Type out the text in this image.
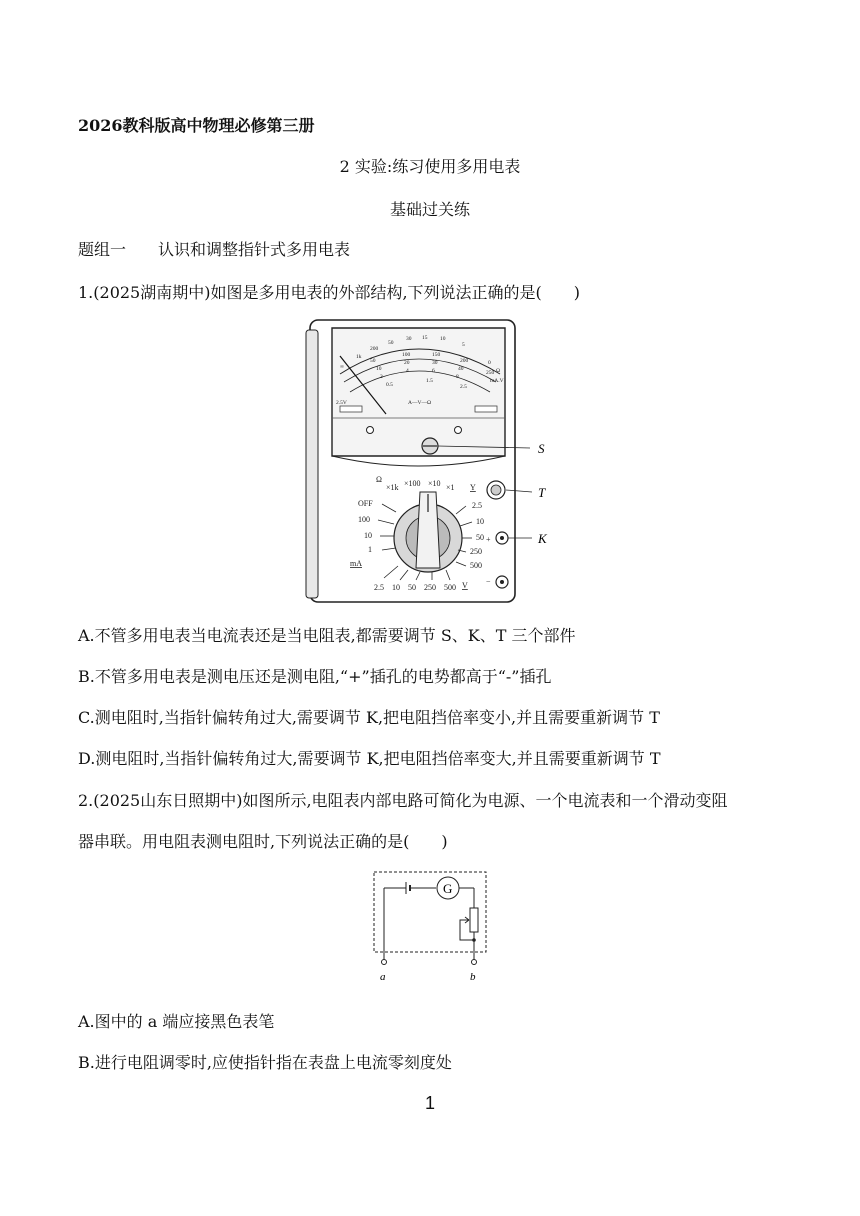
2026教科版高中物理必修第三册
2 实验:练习使用多用电表
基础过关练
题组一　　认识和调整指针式多用电表
1.(2025湖南期中)如图是多用电表的外部结构,下列说法正确的是(　　)
∞
1k
200
50
30 15 10
5
0
Ω
50
100	150
200
250
10
20	30
40
2
4	6
8
0.5
1.5
2.5
mA.V
2.5V	A—V—Ω
S
Ω
×1k ×100 ×10 ×1
OFF
100
10
1
mA
2.5 10 50 250 500 V
2.5
10
50
250
500
Y
+
−
T
K
A.不管多用电表当电流表还是当电阻表,都需要调节 S、K、T 三个部件
B.不管多用电表是测电压还是测电阻,“+”插孔的电势都高于“-”插孔
C.测电阻时,当指针偏转角过大,需要调节 K,把电阻挡倍率变小,并且需要重新调节 T
D.测电阻时,当指针偏转角过大,需要调节 K,把电阻挡倍率变大,并且需要重新调节 T
2.(2025山东日照期中)如图所示,电阻表内部电路可简化为电源、一个电流表和一个滑动变阻
器串联。用电阻表测电阻时,下列说法正确的是(　　)
G
a	b
A.图中的 a 端应接黑色表笔
B.进行电阻调零时,应使指针指在表盘上电流零刻度处
1
